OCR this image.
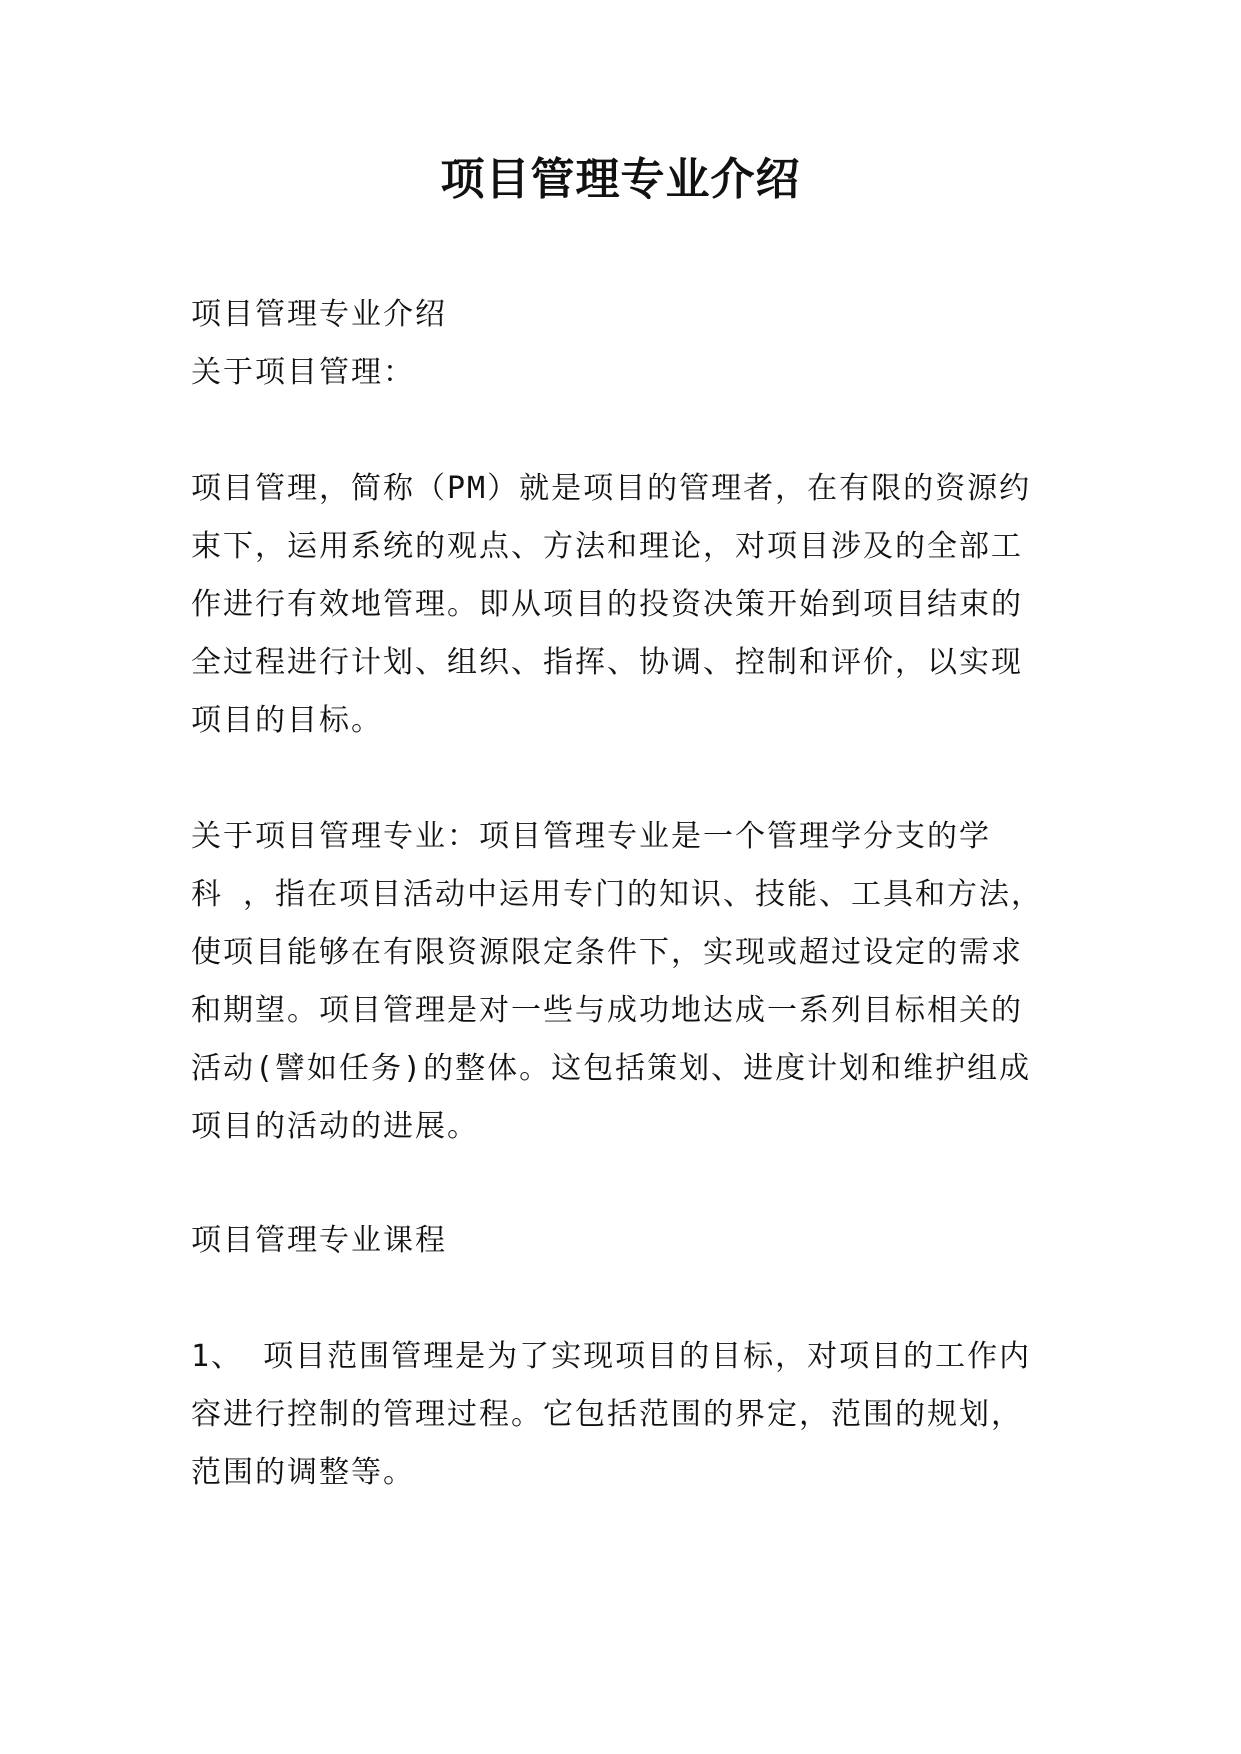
项目管理专业介绍
项目管理专业介绍
关于项目管理：
项目管理，简称（PM）就是项目的管理者，在有限的资源约
束下，运用系统的观点、方法和理论，对项目涉及的全部工
作进行有效地管理。即从项目的投资决策开始到项目结束的
全过程进行计划、组织、指挥、协调、控制和评价，以实现
项目的目标。
关于项目管理专业：项目管理专业是一个管理学分支的学
科 ，指在项目活动中运用专门的知识、技能、工具和方法，
使项目能够在有限资源限定条件下，实现或超过设定的需求
和期望。项目管理是对一些与成功地达成一系列目标相关的
活动(譬如任务)的整体。这包括策划、进度计划和维护组成
项目的活动的进展。
项目管理专业课程
1、 项目范围管理是为了实现项目的目标，对项目的工作内
容进行控制的管理过程。它包括范围的界定，范围的规划，
范围的调整等。
